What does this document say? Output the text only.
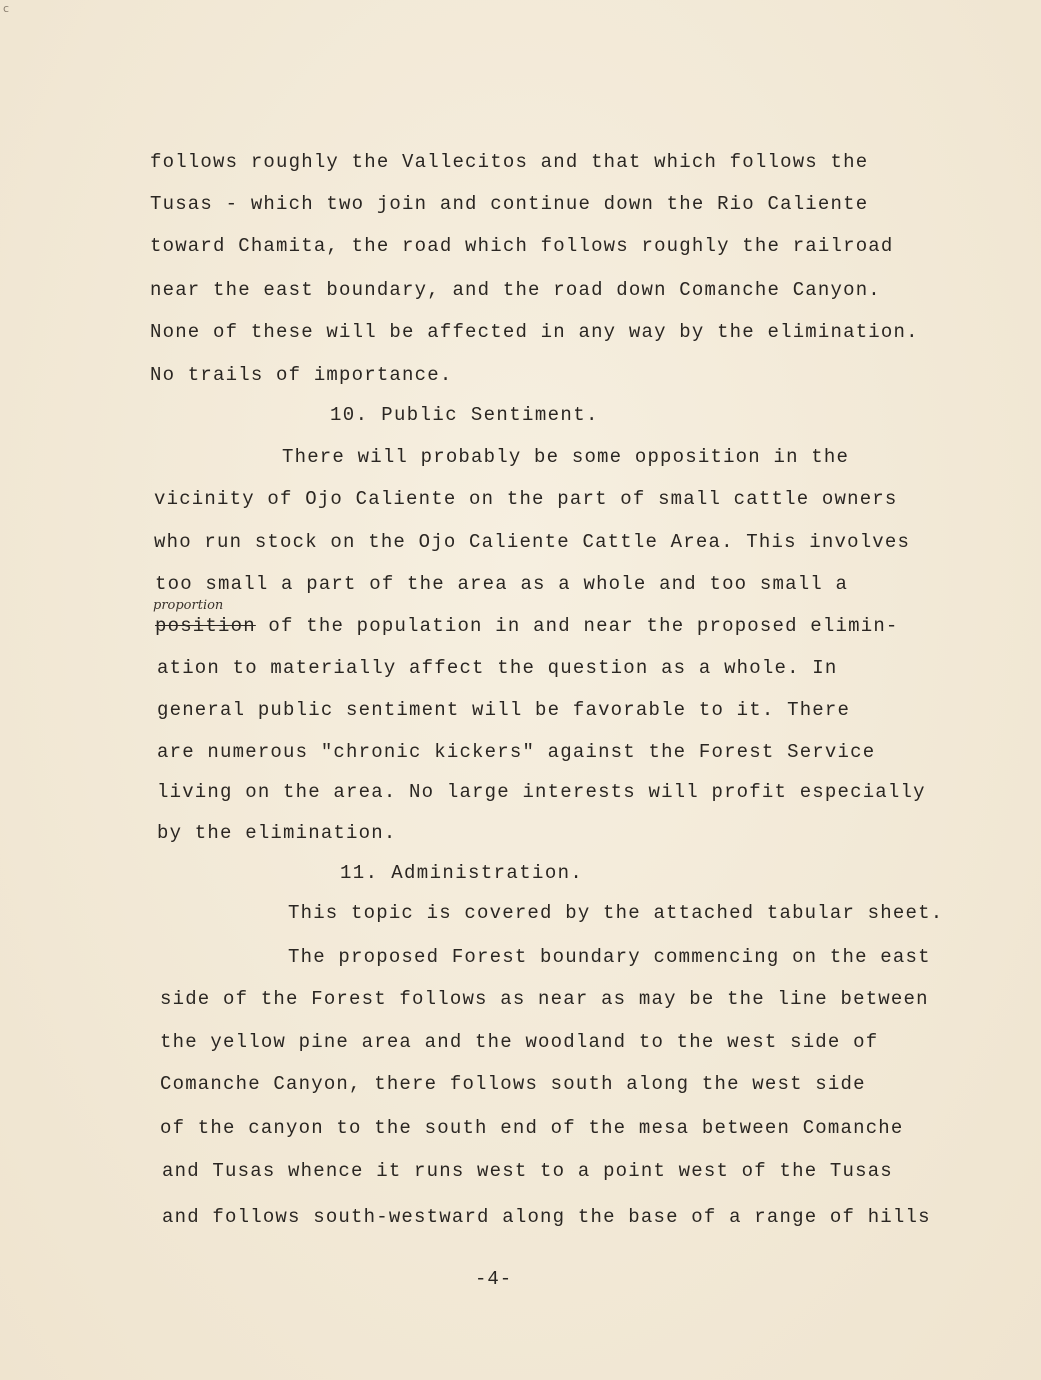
c
follows roughly the Vallecitos and that which follows the
Tusas - which two join and continue down the Rio Caliente
toward Chamita, the road which follows roughly the railroad
near the east boundary, and the road down Comanche Canyon.
None of these will be affected in any way by the elimination.
No trails of importance.
10. Public Sentiment.
There will probably be some opposition in the
vicinity of Ojo Caliente on the part of small cattle owners
who run stock on the Ojo Caliente Cattle Area. This involves
too small a part of the area as a whole and too small a
proportion
position of the population in and near the proposed elimin-
ation to materially affect the question as a whole. In
general public sentiment will be favorable to it. There
are numerous "chronic kickers" against the Forest Service
living on the area. No large interests will profit especially
by the elimination.
11. Administration.
This topic is covered by the attached tabular sheet.
The proposed Forest boundary commencing on the east
side of the Forest follows as near as may be the line between
the yellow pine area and the woodland to the west side of
Comanche Canyon, there follows south along the west side
of the canyon to the south end of the mesa between Comanche
and Tusas whence it runs west to a point west of the Tusas
and follows south-westward along the base of a range of hills
-4-
